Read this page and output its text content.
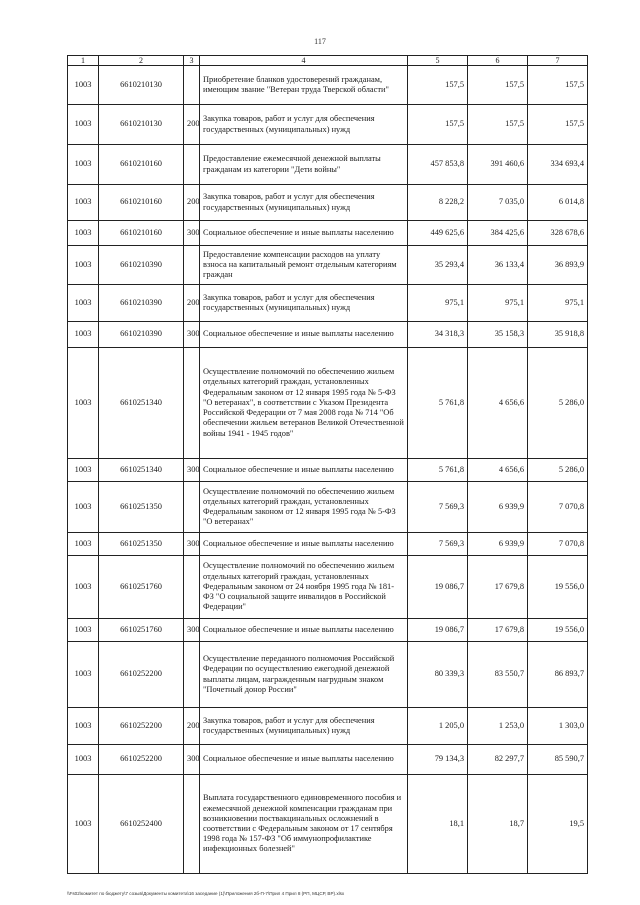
117
1	2	3	4	5	6	7
1003	6610210130		Приобретение бланков удостоверений гражданам, имеющим звание "Ветеран труда Тверской области"	157,5	157,5	157,5
1003	6610210130	200	Закупка товаров, работ и услуг для обеспечения государственных (муниципальных) нужд	157,5	157,5	157,5
1003	6610210160		Предоставление ежемесячной денежной выплаты гражданам из категории "Дети войны"	457 853,8	391 460,6	334 693,4
1003	6610210160	200	Закупка товаров, работ и услуг для обеспечения государственных (муниципальных) нужд	8 228,2	7 035,0	6 014,8
1003	6610210160	300	Социальное обеспечение и иные выплаты населению	449 625,6	384 425,6	328 678,6
1003	6610210390		Предоставление компенсации расходов на уплату взноса на капитальный ремонт отдельным категориям граждан	35 293,4	36 133,4	36 893,9
1003	6610210390	200	Закупка товаров, работ и услуг для обеспечения государственных (муниципальных) нужд	975,1	975,1	975,1
1003	6610210390	300	Социальное обеспечение и иные выплаты населению	34 318,3	35 158,3	35 918,8
1003	6610251340		Осуществление полномочий по обеспечению жильем отдельных категорий граждан, установленных Федеральным законом от 12 января 1995 года № 5-ФЗ "О ветеранах", в соответствии с Указом Президента Российской Федерации от 7 мая 2008 года № 714 "Об обеспечении жильем ветеранов Великой Отечественной войны 1941 - 1945 годов"	5 761,8	4 656,6	5 286,0
1003	6610251340	300	Социальное обеспечение и иные выплаты населению	5 761,8	4 656,6	5 286,0
1003	6610251350		Осуществление полномочий по обеспечению жильем отдельных категорий граждан, установленных Федеральным законом от 12 января 1995 года № 5-ФЗ "О ветеранах"	7 569,3	6 939,9	7 070,8
1003	6610251350	300	Социальное обеспечение и иные выплаты населению	7 569,3	6 939,9	7 070,8
1003	6610251760		Осуществление полномочий по обеспечению жильем отдельных категорий граждан, установленных Федеральным законом от 24 ноября 1995 года № 181-ФЗ "О социальной защите инвалидов в Российской Федерации"	19 086,7	17 679,8	19 556,0
1003	6610251760	300	Социальное обеспечение и иные выплаты населению	19 086,7	17 679,8	19 556,0
1003	6610252200		Осуществление переданного полномочия Российской Федерации по осуществлению ежегодной денежной выплаты лицам, награжденным нагрудным знаком "Почетный донор России"	80 339,3	83 550,7	86 893,7
1003	6610252200	200	Закупка товаров, работ и услуг для обеспечения государственных (муниципальных) нужд	1 205,0	1 253,0	1 303,0
1003	6610252200	300	Социальное обеспечение и иные выплаты населению	79 134,3	82 297,7	85 590,7
1003	6610252400		Выплата государственного единовременного пособия и ежемесячной денежной компенсации гражданам при возникновении поствакцинальных осложнений в соответствии с Федеральным законом от 17 сентября 1998 года № 157-ФЗ "Об иммунопрофилактике инфекционных болезней"	18,1	18,7	19,5
\\Fs02\комитет по бюджету\7 созыв\Документы комитета\16 заседание (1)\Приложения 2б-П-7\Прил 4 Прил 8 (РП, МЦСР, ВР).xlsx
